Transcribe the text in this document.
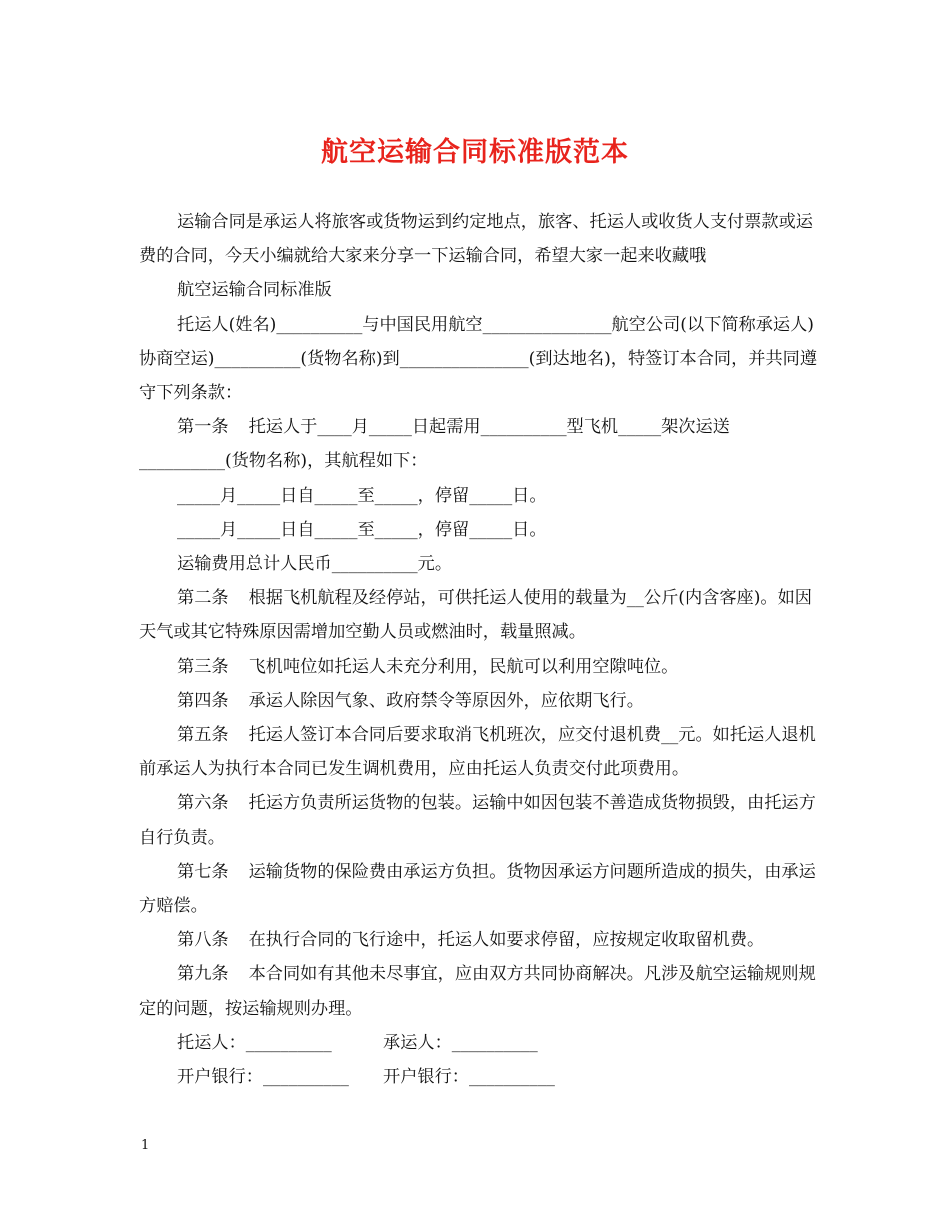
航空运输合同标准版范本

运输合同是承运人将旅客或货物运到约定地点，旅客、托运人或收货人支付票款或运费的合同，今天小编就给大家来分享一下运输合同，希望大家一起来收藏哦

航空运输合同标准版

托运人(姓名)__________与中国民用航空_______________航空公司(以下简称承运人)协商空运)__________(货物名称)到_______________(到达地名)，特签订本合同，并共同遵守下列条款：

第一条 托运人于____月_____日起需用__________型飞机_____架次运送__________(货物名称)，其航程如下：

_____月_____日自_____至_____，停留_____日。

_____月_____日自_____至_____，停留_____日。

运输费用总计人民币__________元。

第二条 根据飞机航程及经停站，可供托运人使用的载量为__公斤(内含客座)。如因天气或其它特殊原因需增加空勤人员或燃油时，载量照减。

第三条 飞机吨位如托运人未充分利用，民航可以利用空隙吨位。

第四条 承运人除因气象、政府禁令等原因外，应依期飞行。

第五条 托运人签订本合同后要求取消飞机班次，应交付退机费__元。如托运人退机前承运人为执行本合同已发生调机费用，应由托运人负责交付此项费用。

第六条 托运方负责所运货物的包装。运输中如因包装不善造成货物损毁，由托运方自行负责。

第七条 运输货物的保险费由承运方负担。货物因承运方问题所造成的损失，由承运方赔偿。

第八条 在执行合同的飞行途中，托运人如要求停留，应按规定收取留机费。

第九条 本合同如有其他未尽事宜，应由双方共同协商解决。凡涉及航空运输规则规定的问题，按运输规则办理。

托运人：__________	承运人：__________
开户银行：__________	开户银行：__________
1
